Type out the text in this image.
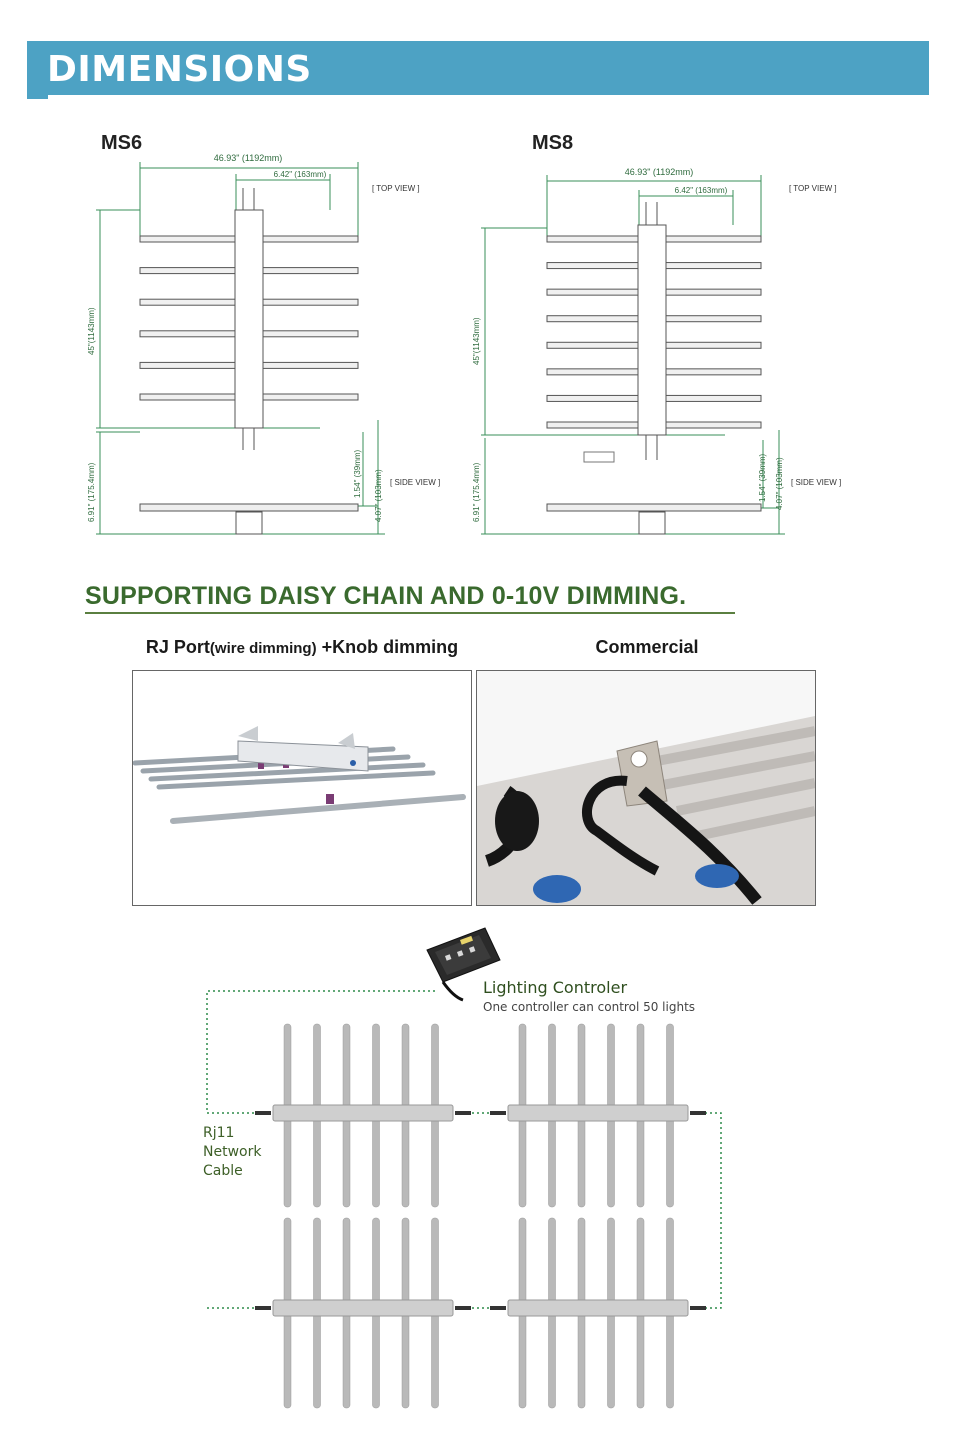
DIMENSIONS
MS6	MS8
46.93" (1192mm)
6.42" (163mm)
[ TOP VIEW ]
[ SIDE VIEW ]
45"(1143mm)
6.91" (175.4mm)	1.54" (39mm) 4.07" (103mm)
46.93" (1192mm)
6.42" (163mm)	[ TOP VIEW ]
[ SIDE VIEW ]
45"(1143mm)
6.91" (175.4mm)	1.54" (39mm) 4.07" (103mm)
SUPPORTING DAISY CHAIN AND 0-10V DIMMING.
RJ Port(wire dimming) +Knob dimming	Commercial
Lighting Controler
One controller can control 50 lights
Rj11
Network
Cable
